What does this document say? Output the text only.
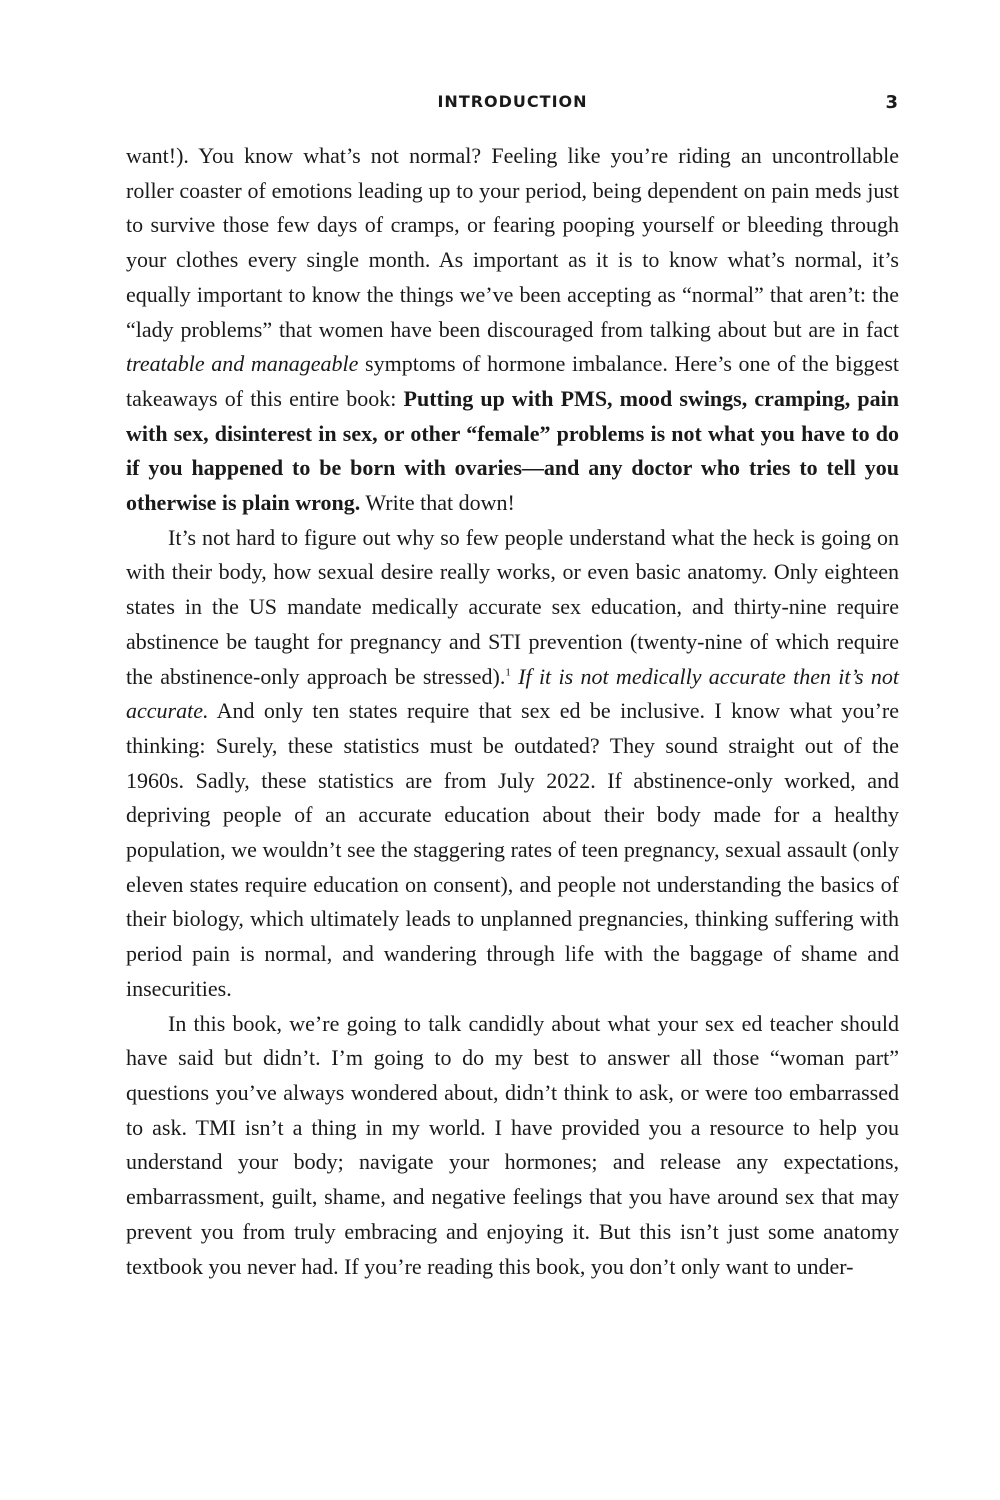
INTRODUCTION	3

want!). You know what’s not normal? Feeling like you’re riding an uncontrollable roller coaster of emotions leading up to your period, being dependent on pain meds just to survive those few days of cramps, or fearing pooping yourself or bleeding through your clothes every single month. As important as it is to know what’s normal, it’s equally important to know the things we’ve been accepting as “normal” that aren’t: the “lady problems” that women have been discouraged from talking about but are in fact treatable and manageable symptoms of hormone imbalance. Here’s one of the biggest takeaways of this entire book: Putting up with PMS, mood swings, cramping, pain with sex, disinterest in sex, or other “female” problems is not what you have to do if you happened to be born with ovaries—and any doctor who tries to tell you otherwise is plain wrong. Write that down!

It’s not hard to figure out why so few people understand what the heck is going on with their body, how sexual desire really works, or even basic anatomy. Only eighteen states in the US mandate medically accurate sex education, and thirty-nine require abstinence be taught for pregnancy and STI prevention (twenty-nine of which require the abstinence-only approach be stressed).$^1$ If it is not medically accurate then it’s not accurate. And only ten states require that sex ed be inclusive. I know what you’re thinking: Surely, these statistics must be outdated? They sound straight out of the 1960s. Sadly, these statistics are from July 2022. If abstinence-only worked, and depriving people of an accurate education about their body made for a healthy population, we wouldn’t see the staggering rates of teen pregnancy, sexual assault (only eleven states require education on consent), and people not understanding the basics of their biology, which ultimately leads to unplanned pregnancies, thinking suffering with period pain is normal, and wandering through life with the baggage of shame and insecurities.

In this book, we’re going to talk candidly about what your sex ed teacher should have said but didn’t. I’m going to do my best to answer all those “woman part” questions you’ve always wondered about, didn’t think to ask, or were too embarrassed to ask. TMI isn’t a thing in my world. I have provided you a resource to help you understand your body; navigate your hormones; and release any expectations, embarrassment, guilt, shame, and negative feelings that you have around sex that may prevent you from truly embracing and enjoying it. But this isn’t just some anatomy textbook you never had. If you’re reading this book, you don’t only want to under-
